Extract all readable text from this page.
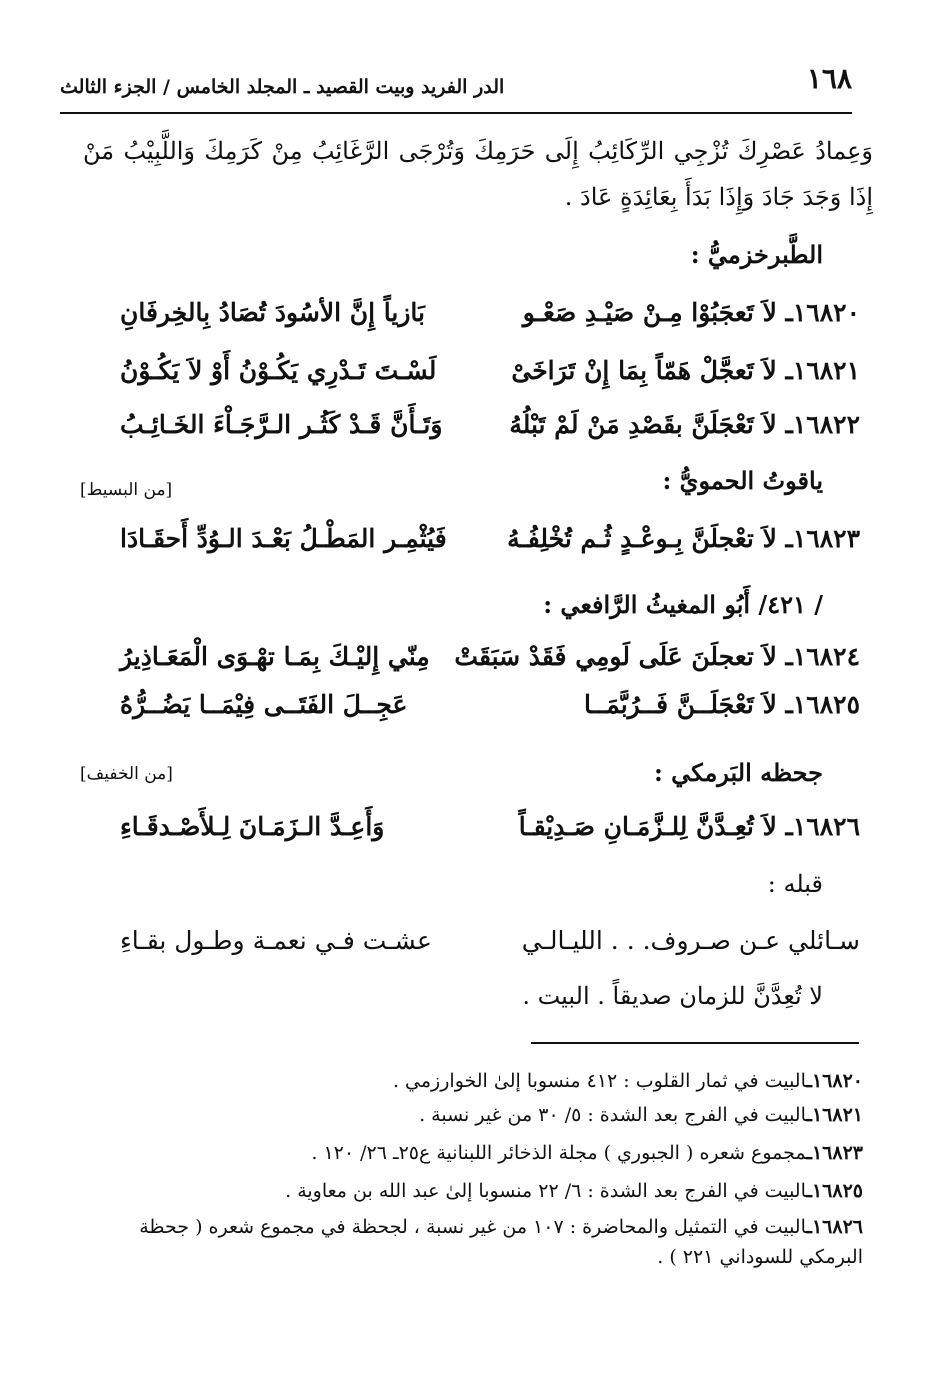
١٦٨
الدر الفريد وبيت القصيد ـ المجلد الخامس / الجزء الثالث
وَعِمادُ عَصْرِكَ تُزْجِي الرِّكَائِبُ إِلَى حَرَمِكَ وَتُرْجَى الرَّغَائِبُ مِنْ كَرَمِكَ وَاللَّبِيْبُ مَنْ إِذَا وَجَدَ جَادَ وَإِذَا بَدَأَ بِعَائِدَةٍ عَادَ .
الطَّبرخزميُّ :
١٦٨٢٠ـ لاَ تَعجَبُوْا مِـنْ صَيْـدِ صَعْـو
بَازياً إِنَّ الأسُودَ تُصَادُ بِالخِرفَانِ
١٦٨٢١ـ لاَ تَعجَّلْ هَمّاً بِمَا إِنْ تَرَاخَىْ
لَسْـتَ تَـدْرِي يَكُـوْنُ أَوْ لاَ يَكُـوْنُ
١٦٨٢٢ـ لاَ تَعْجَلَنَّ بقَصْدِ مَنْ لَمْ تَبْلُهُ
وَتَـأَنَّ قَـدْ كَثُـر الـرَّجَـاْءَ الخَـائِـبُ
ياقوتُ الحمويُّ :
[من البسيط]
١٦٨٢٣ـ لاَ تعْجلَنَّ بِـوعْـدٍ ثُـم تُخْلِفُـهُ
فَيُثْمِـر المَطْـلُ بَعْـدَ الـوُدِّ أَحقَـادَا
/ ٤٢١/ أَبُو المغيثُ الرَّافعي :
١٦٨٢٤ـ لاَ تعجلَنَ عَلَى لَومِي فَقَدْ سَبَقَتْ
مِنّي إِليْـكَ بِمَـا تهْـوَى الْمَعَـاذِيرُ
١٦٨٢٥ـ لاَ تَعْجَلَــنَّ فَــرُبَّمَــا
عَجِــلَ الفَتَــى فِيْمَــا يَضُــرُّهُ
جحظه البَرمكي :
[من الخفيف]
١٦٨٢٦ـ لاَ تُعِـدَّنَّ لِلـزَّمَـانِ صَـدِيْقـاً
وَأَعِـدَّ الـزَمَـانَ لِـلأَصْـدقَـاءِ
قبله :
سـائلي عـن صـروف. . . الليـالـي
عشـت فـي نعمـة وطـول بقـاءِ
لا تُعِدَّنَّ للزمان صديقاً . البيت .
١٦٨٢٠ـالبيت في ثمار القلوب : ٤١٢ منسوبا إلىٰ الخوارزمي .
١٦٨٢١ـالبيت في الفرج بعد الشدة : ٥/ ٣٠ من غير نسبة .
١٦٨٢٣ـمجموع شعره ( الجبوري ) مجلة الذخائر اللبنانية ع٢٥ـ ٢٦/ ١٢٠ .
١٦٨٢٥ـالبيت في الفرج بعد الشدة : ٦/ ٢٢ منسوبا إلىٰ عبد الله بن معاوية .
١٦٨٢٦ـالبيت في التمثيل والمحاضرة : ١٠٧ من غير نسبة ، لجحظة في مجموع شعره ( جحظة البرمكي للسوداني ٢٢١ ) .
